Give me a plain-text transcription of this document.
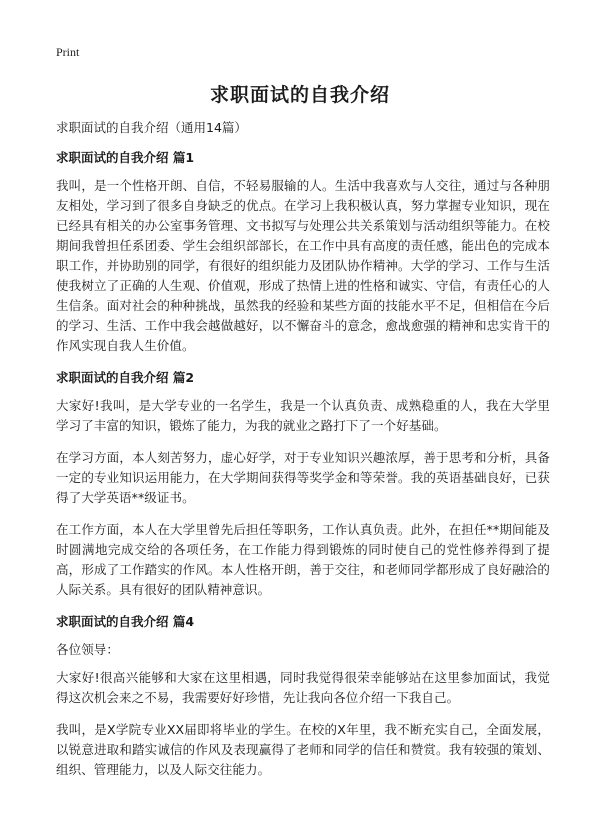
Print
求职面试的自我介绍

求职面试的自我介绍（通用14篇）

求职面试的自我介绍 篇1

我叫，是一个性格开朗、自信，不轻易服输的人。生活中我喜欢与人交往，通过与各种朋友相处，学习到了很多自身缺乏的优点。在学习上我积极认真，努力掌握专业知识，现在已经具有相关的办公室事务管理、文书拟写与处理公共关系策划与活动组织等能力。在校期间我曾担任系团委、学生会组织部部长，在工作中具有高度的责任感，能出色的完成本职工作，并协助别的同学，有很好的组织能力及团队协作精神。大学的学习、工作与生活使我树立了正确的人生观、价值观，形成了热情上进的性格和诚实、守信，有责任心的人生信条。面对社会的种种挑战，虽然我的经验和某些方面的技能水平不足，但相信在今后的学习、生活、工作中我会越做越好，以不懈奋斗的意念，愈战愈强的精神和忠实肯干的作风实现自我人生价值。

求职面试的自我介绍 篇2

大家好!我叫，是大学专业的一名学生，我是一个认真负责、成熟稳重的人，我在大学里学习了丰富的知识，锻炼了能力，为我的就业之路打下了一个好基础。

在学习方面，本人刻苦努力，虚心好学，对于专业知识兴趣浓厚，善于思考和分析，具备一定的专业知识运用能力，在大学期间获得等奖学金和等荣誉。我的英语基础良好，已获得了大学英语**级证书。

在工作方面，本人在大学里曾先后担任等职务，工作认真负责。此外，在担任**期间能及时圆满地完成交给的各项任务，在工作能力得到锻炼的同时使自己的党性修养得到了提高，形成了工作踏实的作风。本人性格开朗，善于交往，和老师同学都形成了良好融洽的人际关系。具有很好的团队精神意识。

求职面试的自我介绍 篇4

各位领导：

大家好!很高兴能够和大家在这里相遇，同时我觉得很荣幸能够站在这里参加面试，我觉得这次机会来之不易，我需要好好珍惜，先让我向各位介绍一下我自己。

我叫，是X学院专业XX届即将毕业的学生。在校的X年里，我不断充实自己，全面发展，以锐意进取和踏实诚信的作风及表现赢得了老师和同学的信任和赞赏。我有较强的策划、组织、管理能力，以及人际交往能力。
